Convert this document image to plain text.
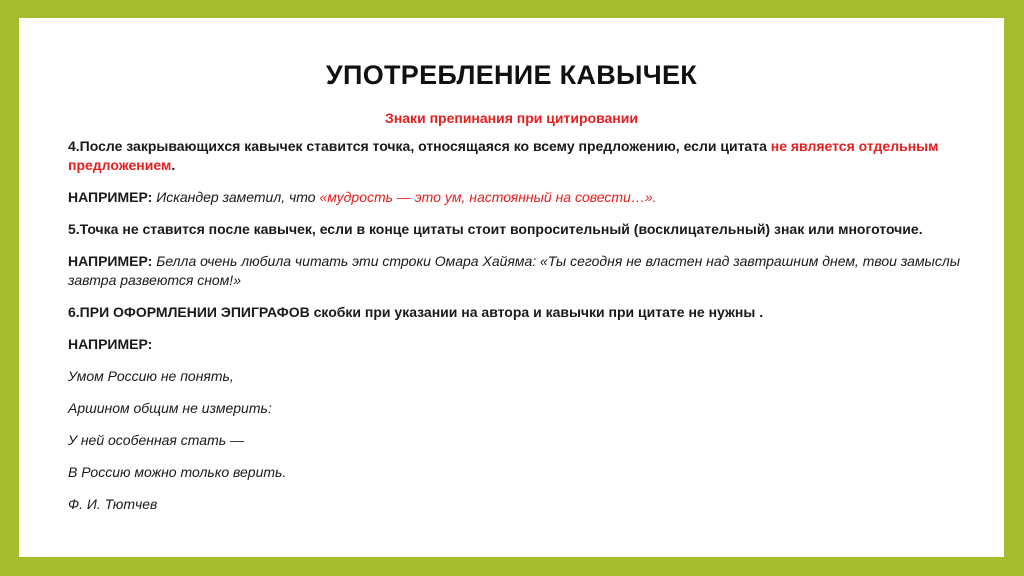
УПОТРЕБЛЕНИЕ КАВЫЧЕК
Знаки препинания при цитировании

4.После закрывающихся кавычек ставится точка, относящаяся ко всему предложению, если цитата не является отдельным предложением.

НАПРИМЕР: Искандер заметил, что «мудрость — это ум, настоянный на совести…».

5.Точка не ставится после кавычек, если в конце цитаты стоит вопросительный (восклицательный) знак или многоточие.

НАПРИМЕР: Белла очень любила читать эти строки Омара Хайяма: «Ты сегодня не властен над завтрашним днем, твои замыслы завтра развеются сном!»

6.ПРИ ОФОРМЛЕНИИ ЭПИГРАФОВ скобки при указании на автора и кавычки при цитате не нужны .

НАПРИМЕР:

Умом Россию не понять,

Аршином общим не измерить:

У ней особенная стать —

В Россию можно только верить.

Ф. И. Тютчев
